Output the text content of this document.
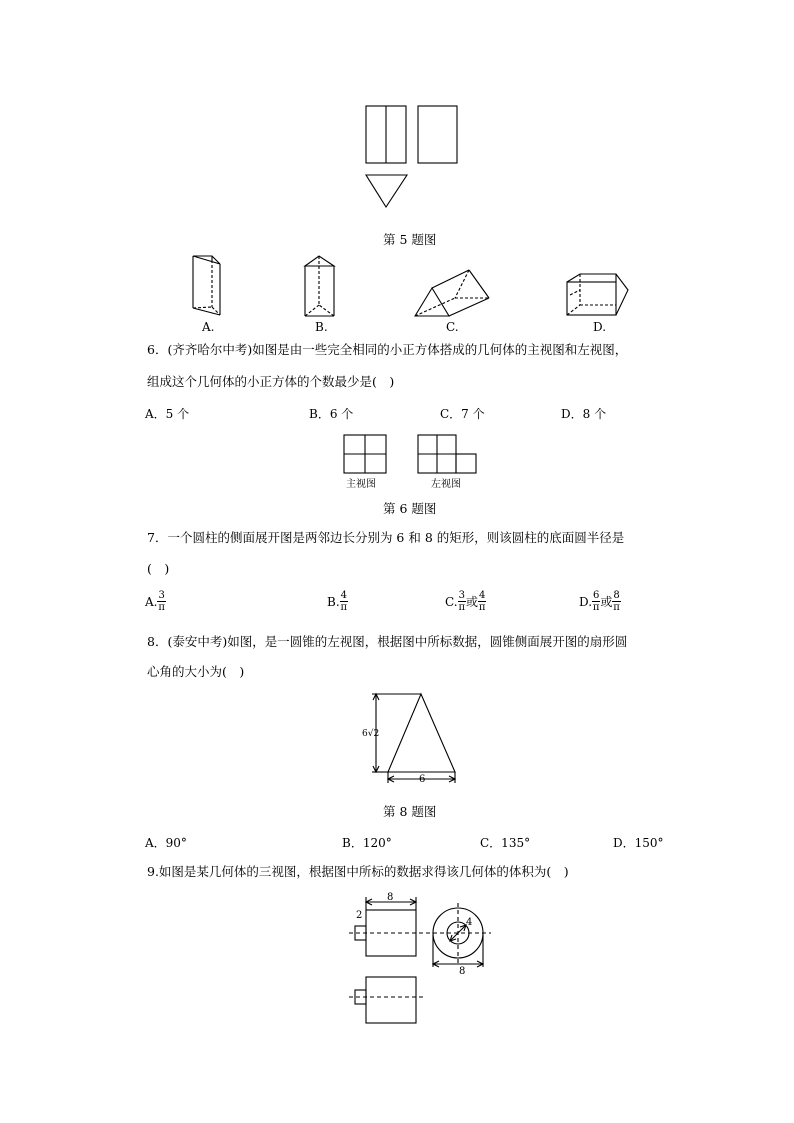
第 5 题图
A.	B.	C.	D.
6．(齐齐哈尔中考)如图是由一些完全相同的小正方体搭成的几何体的主视图和左视图，
组成这个几何体的小正方体的个数最少是(　)
A．5 个	B．6 个	C．7 个	D．8 个
主视图	左视图
第 6 题图
7．一个圆柱的侧面展开图是两邻边长分别为 6 和 8 的矩形，则该圆柱的底面圆半径是
(　)
A. $\frac{3}{\pi}$	B. $\frac{4}{\pi}$	C. $\frac{3}{\pi}$ 或 $\frac{4}{\pi}$	D. $\frac{6}{\pi}$ 或 $\frac{8}{\pi}$
8．(泰安中考)如图，是一圆锥的左视图，根据图中所标数据，圆锥侧面展开图的扇形圆
心角的大小为(　)
6√2
6
第 8 题图
A．90°	B．120°	C．135°	D．150°
9.如图是某几何体的三视图，根据图中所标的数据求得该几何体的体积为(　)
8
2
4
8
